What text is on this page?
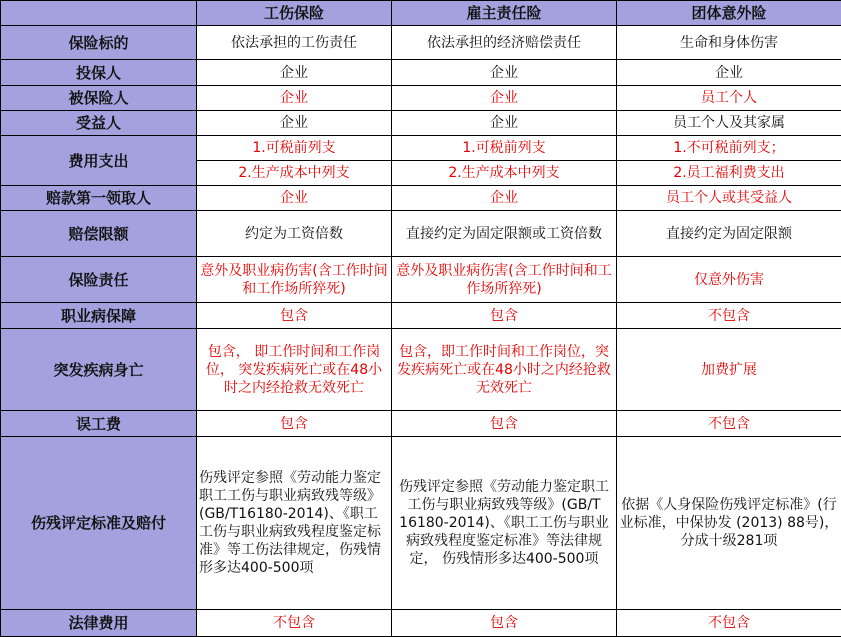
	工伤保险	雇主责任险	团体意外险
保险标的	依法承担的工伤责任	依法承担的经济赔偿责任	生命和身体伤害
投保人	企业	企业	企业
被保险人	企业	企业	员工个人
受益人	企业	企业	员工个人及其家属
费用支出	1.可税前列支	1.可税前列支	1.不可税前列支；
	2.生产成本中列支	2.生产成本中列支	2.员工福利费支出
赔款第一领取人	企业	企业	员工个人或其受益人
赔偿限额	约定为工资倍数	直接约定为固定限额或工资倍数	直接约定为固定限额
保险责任	意外及职业病伤害(含工作时间和工作场所猝死)	意外及职业病伤害(含工作时间和工作场所猝死)	仅意外伤害
职业病保障	包含	包含	不包含
突发疾病身亡	包含， 即工作时间和工作岗位， 突发疾病死亡或在48小时之内经抢救无效死亡	包含，即工作时间和工作岗位，突发疾病死亡或在48小时之内经抢救无效死亡	加费扩展
误工费	包含	包含	不包含
伤残评定标准及赔付	伤残评定参照《劳动能力鉴定职工工伤与职业病致残等级》(GB/T16180-2014)、《职工工伤与职业病致残程度鉴定标准》等工伤法律规定，伤残情形多达400-500项	伤残评定参照《劳动能力鉴定职工工伤与职业病致残等级》(GB/T 16180-2014)、《职工工伤与职业病致残程度鉴定标准》等法律规定， 伤残情形多达400-500项	依据《人身保险伤残评定标准》(行业标准，中保协发 (2013) 88号)，分成十级281项
法律费用	不包含	包含	不包含
